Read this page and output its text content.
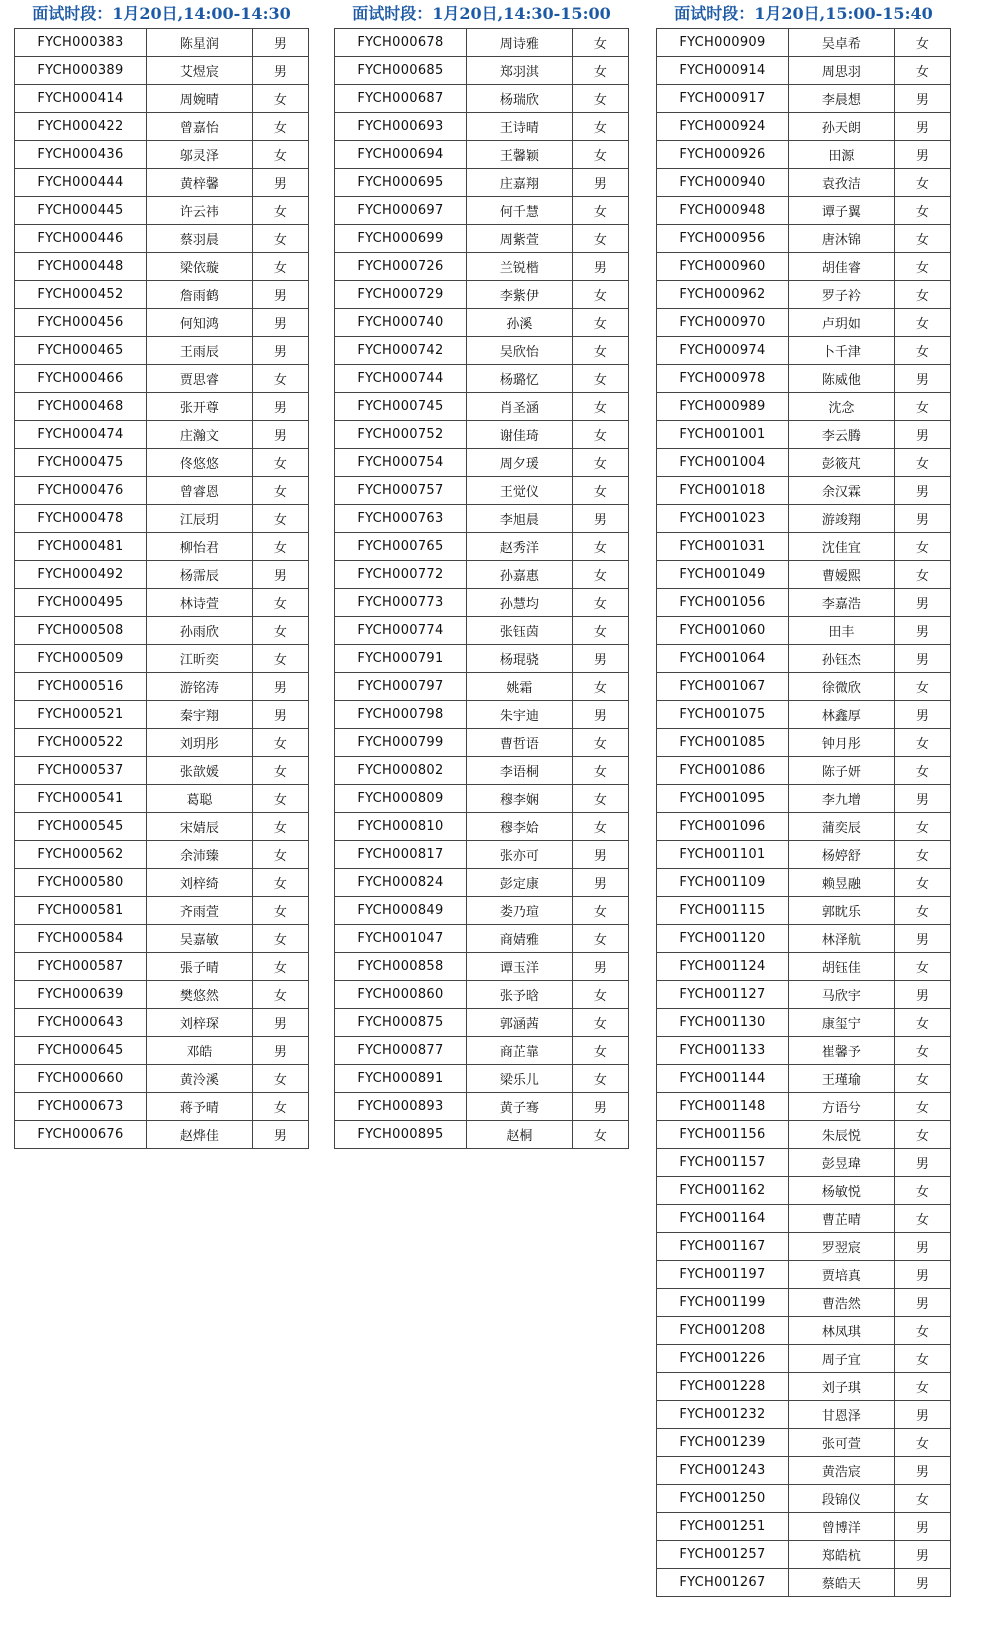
面试时段：1月20日,14:00-14:30
FYCH000383	陈星润	男
FYCH000389	艾煜宸	男
FYCH000414	周婉晴	女
FYCH000422	曾嘉怡	女
FYCH000436	邬灵泽	女
FYCH000444	黄梓馨	男
FYCH000445	许云祎	女
FYCH000446	蔡羽晨	女
FYCH000448	梁依璇	女
FYCH000452	詹雨鹤	男
FYCH000456	何知鸿	男
FYCH000465	王雨辰	男
FYCH000466	贾思睿	女
FYCH000468	张开尊	男
FYCH000474	庄瀚文	男
FYCH000475	佟悠悠	女
FYCH000476	曾睿恩	女
FYCH000478	江辰玥	女
FYCH000481	柳怡君	女
FYCH000492	杨霈辰	男
FYCH000495	林诗萱	女
FYCH000508	孙雨欣	女
FYCH000509	江昕奕	女
FYCH000516	游铭涛	男
FYCH000521	秦宇翔	男
FYCH000522	刘玥彤	女
FYCH000537	张歆媛	女
FYCH000541	葛聪	女
FYCH000545	宋婧辰	女
FYCH000562	余沛臻	女
FYCH000580	刘梓绮	女
FYCH000581	齐雨萱	女
FYCH000584	吴嘉敏	女
FYCH000587	張子晴	女
FYCH000639	樊悠然	女
FYCH000643	刘梓琛	男
FYCH000645	邓皓	男
FYCH000660	黄泠溪	女
FYCH000673	蒋予晴	女
FYCH000676	赵烨佳	男
面试时段：1月20日,14:30-15:00
FYCH000678	周诗雅	女
FYCH000685	郑羽淇	女
FYCH000687	杨瑞欣	女
FYCH000693	王诗晴	女
FYCH000694	王馨颖	女
FYCH000695	庄嘉翔	男
FYCH000697	何千慧	女
FYCH000699	周紫萱	女
FYCH000726	兰锐楷	男
FYCH000729	李紫伊	女
FYCH000740	孙溪	女
FYCH000742	吴欣怡	女
FYCH000744	杨璐忆	女
FYCH000745	肖圣涵	女
FYCH000752	谢佳琦	女
FYCH000754	周夕瑗	女
FYCH000757	王觉仪	女
FYCH000763	李旭晨	男
FYCH000765	赵秀洋	女
FYCH000772	孙嘉惠	女
FYCH000773	孙慧均	女
FYCH000774	张钰茵	女
FYCH000791	杨琨骁	男
FYCH000797	姚霜	女
FYCH000798	朱宇迪	男
FYCH000799	曹哲语	女
FYCH000802	李语桐	女
FYCH000809	穆李娴	女
FYCH000810	穆李姶	女
FYCH000817	张亦可	男
FYCH000824	彭定康	男
FYCH000849	娄乃瑄	女
FYCH001047	商婧雅	女
FYCH000858	谭玉洋	男
FYCH000860	张予晗	女
FYCH000875	郭涵茜	女
FYCH000877	商芷靠	女
FYCH000891	梁乐儿	女
FYCH000893	黄子骞	男
FYCH000895	赵桐	女
面试时段：1月20日,15:00-15:40
FYCH000909	吴卓希	女
FYCH000914	周思羽	女
FYCH000917	李晨想	男
FYCH000924	孙天朗	男
FYCH000926	田源	男
FYCH000940	袁孜洁	女
FYCH000948	谭子翼	女
FYCH000956	唐沐锦	女
FYCH000960	胡佳睿	女
FYCH000962	罗子衿	女
FYCH000970	卢玥如	女
FYCH000974	卜千津	女
FYCH000978	陈威他	男
FYCH000989	沈念	女
FYCH001001	李云腾	男
FYCH001004	彭筱芃	女
FYCH001018	余汉霖	男
FYCH001023	游竣翔	男
FYCH001031	沈佳宜	女
FYCH001049	曹嫒熙	女
FYCH001056	李嘉浩	男
FYCH001060	田丰	男
FYCH001064	孙钰杰	男
FYCH001067	徐微欣	女
FYCH001075	林鑫厚	男
FYCH001085	钟月彤	女
FYCH001086	陈子妍	女
FYCH001095	李九增	男
FYCH001096	蒲奕辰	女
FYCH001101	杨婷舒	女
FYCH001109	赖昱融	女
FYCH001115	郭眈乐	女
FYCH001120	林泽航	男
FYCH001124	胡钰佳	女
FYCH001127	马欣宇	男
FYCH001130	康玺宁	女
FYCH001133	崔馨予	女
FYCH001144	王瑾瑜	女
FYCH001148	方语兮	女
FYCH001156	朱辰悦	女
FYCH001157	彭昱瑋	男
FYCH001162	杨敏悦	女
FYCH001164	曹芷晴	女
FYCH001167	罗翌宸	男
FYCH001197	贾培真	男
FYCH001199	曹浩然	男
FYCH001208	林凤琪	女
FYCH001226	周子宜	女
FYCH001228	刘子琪	女
FYCH001232	甘恩泽	男
FYCH001239	张可萱	女
FYCH001243	黄浩宸	男
FYCH001250	段锦仪	女
FYCH001251	曾博洋	男
FYCH001257	郑皓杭	男
FYCH001267	蔡皓天	男
